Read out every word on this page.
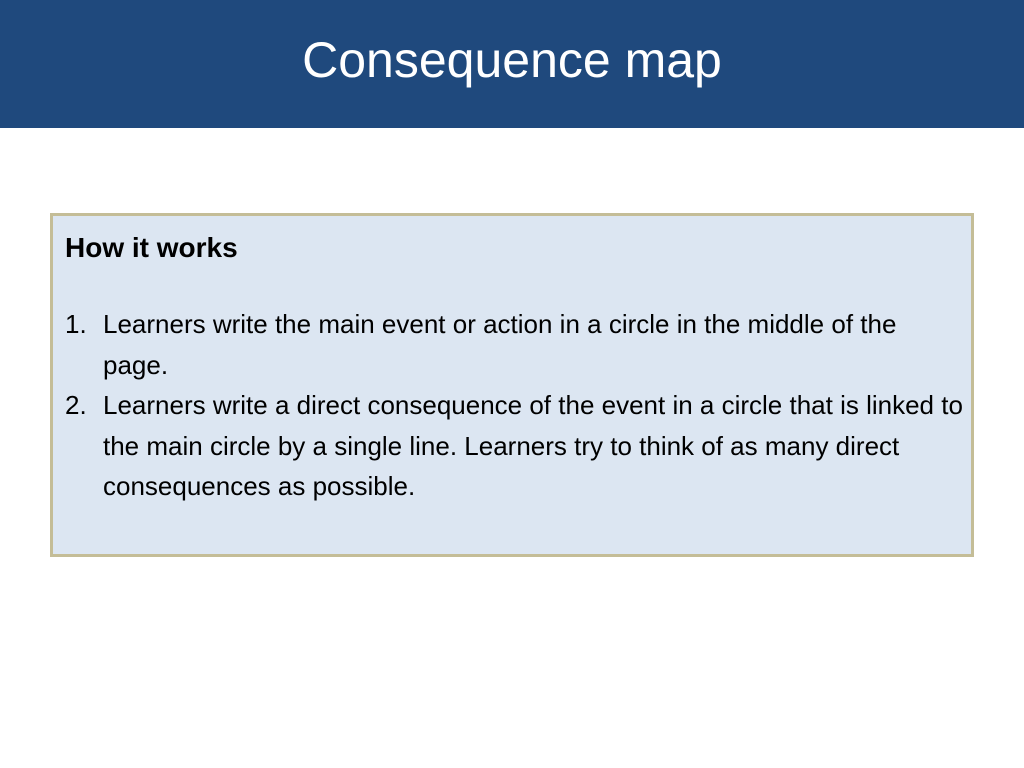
Consequence map
How it works
1. Learners write the main event or action in a circle in the middle of the page.
2. Learners write a direct consequence of the event in a circle that is linked to the main circle by a single line. Learners try to think of as many direct consequences as possible.
